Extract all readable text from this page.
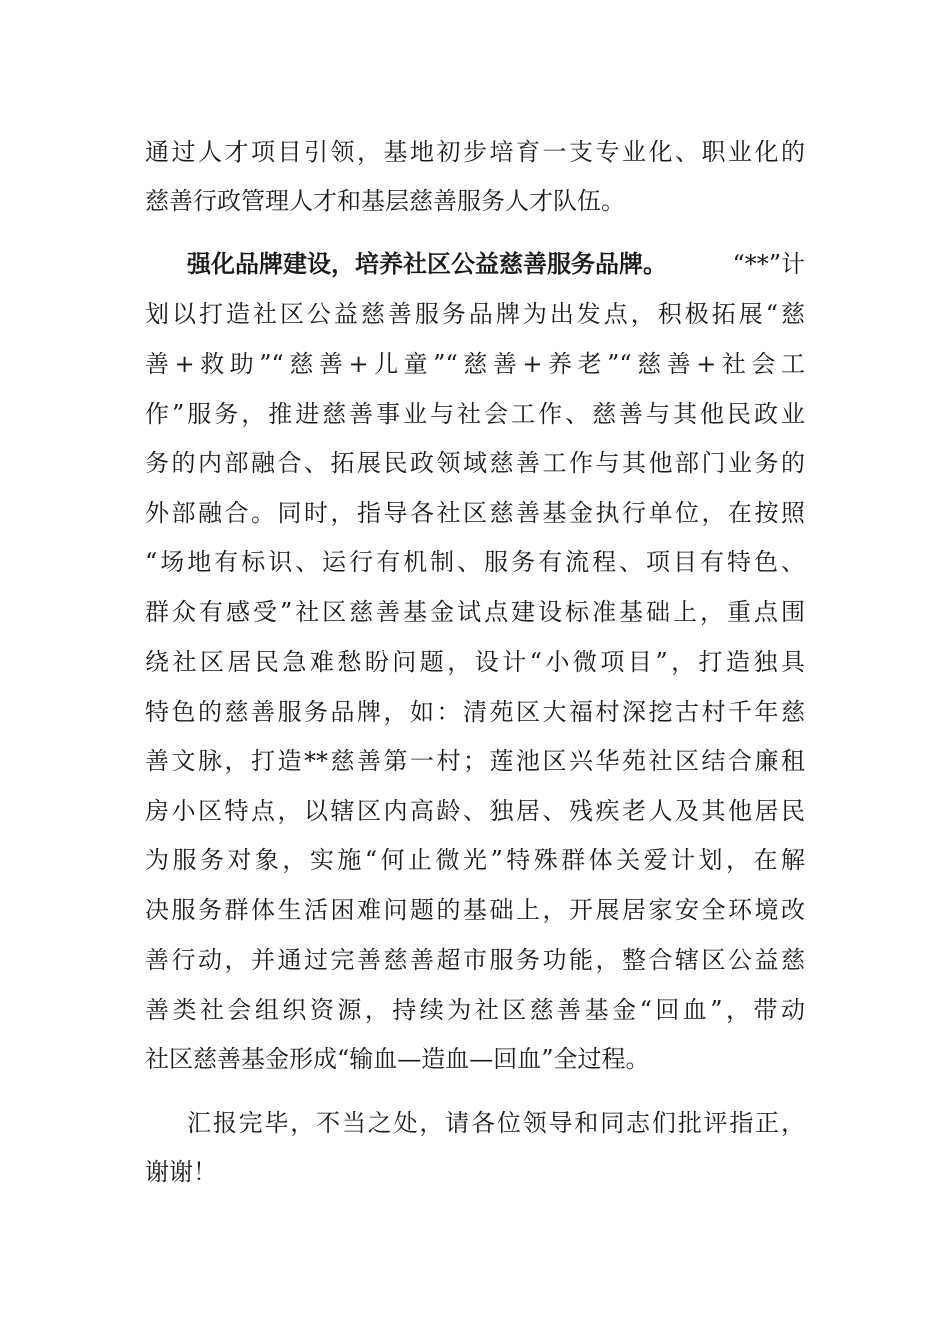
通过人才项目引领，基地初步培育一支专业化、职业化的
慈善行政管理人才和基层慈善服务人才队伍。
强化品牌建设，培养社区公益慈善服务品牌。	“**”计
划以打造社区公益慈善服务品牌为出发点，积极拓展“慈
善+救助”“慈善+儿童”“慈善+养老”“慈善+社会工
作”服务，推进慈善事业与社会工作、慈善与其他民政业
务的内部融合、拓展民政领域慈善工作与其他部门业务的
外部融合。同时，指导各社区慈善基金执行单位，在按照
“场地有标识、运行有机制、服务有流程、项目有特色、
群众有感受”社区慈善基金试点建设标准基础上，重点围
绕社区居民急难愁盼问题，设计“小微项目”，打造独具
特色的慈善服务品牌，如：清苑区大福村深挖古村千年慈
善文脉，打造**慈善第一村；莲池区兴华苑社区结合廉租
房小区特点，以辖区内高龄、独居、残疾老人及其他居民
为服务对象，实施“何止微光”特殊群体关爱计划，在解
决服务群体生活困难问题的基础上，开展居家安全环境改
善行动，并通过完善慈善超市服务功能，整合辖区公益慈
善类社会组织资源，持续为社区慈善基金“回血”，带动
社区慈善基金形成“输血—造血—回血”全过程。
汇报完毕，不当之处，请各位领导和同志们批评指正，
谢谢！
